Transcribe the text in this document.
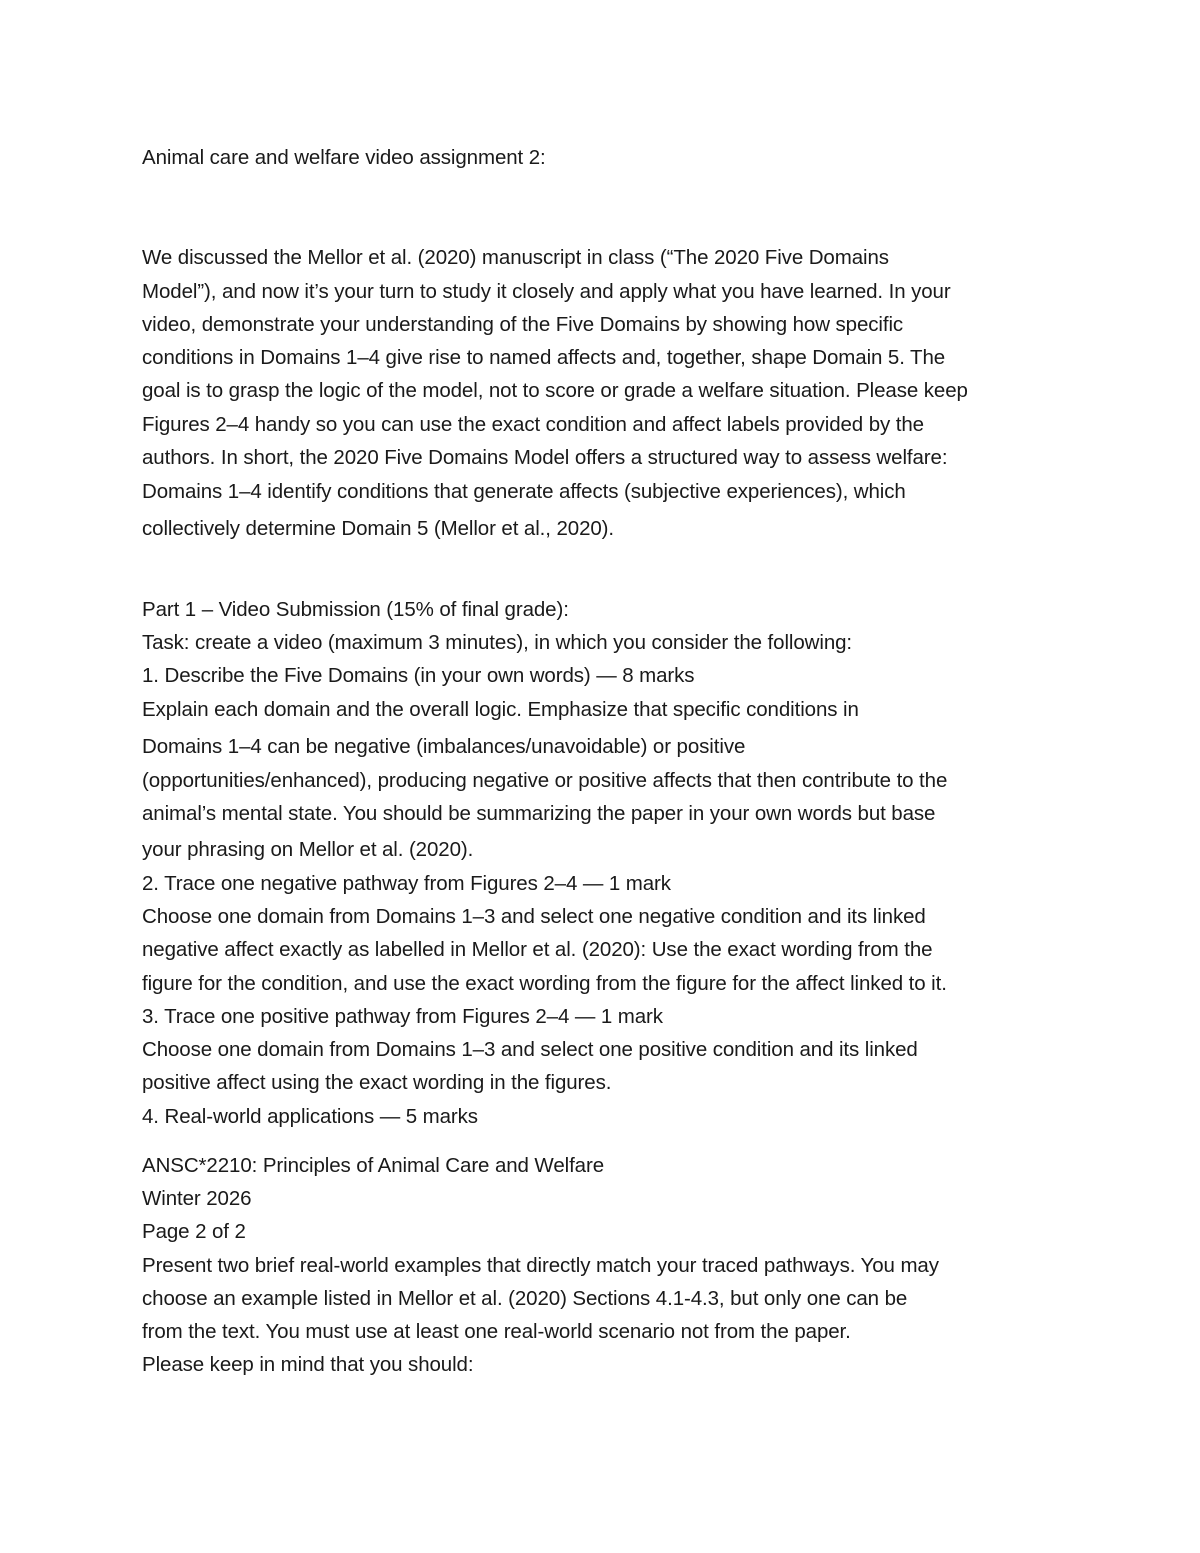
Animal care and welfare video assignment 2:
We discussed the Mellor et al. (2020) manuscript in class (“The 2020 Five Domains
Model”), and now it’s your turn to study it closely and apply what you have learned. In your
video, demonstrate your understanding of the Five Domains by showing how specific
conditions in Domains 1–4 give rise to named affects and, together, shape Domain 5. The
goal is to grasp the logic of the model, not to score or grade a welfare situation. Please keep
Figures 2–4 handy so you can use the exact condition and affect labels provided by the
authors. In short, the 2020 Five Domains Model offers a structured way to assess welfare:
Domains 1–4 identify conditions that generate affects (subjective experiences), which
collectively determine Domain 5 (Mellor et al., 2020).
Part 1 – Video Submission (15% of final grade):
Task: create a video (maximum 3 minutes), in which you consider the following:
1. Describe the Five Domains (in your own words) — 8 marks
Explain each domain and the overall logic. Emphasize that specific conditions in
Domains 1–4 can be negative (imbalances/unavoidable) or positive
(opportunities/enhanced), producing negative or positive affects that then contribute to the
animal’s mental state. You should be summarizing the paper in your own words but base
your phrasing on Mellor et al. (2020).
2. Trace one negative pathway from Figures 2–4 — 1 mark
Choose one domain from Domains 1–3 and select one negative condition and its linked
negative affect exactly as labelled in Mellor et al. (2020): Use the exact wording from the
figure for the condition, and use the exact wording from the figure for the affect linked to it.
3. Trace one positive pathway from Figures 2–4 — 1 mark
Choose one domain from Domains 1–3 and select one positive condition and its linked
positive affect using the exact wording in the figures.
4. Real-world applications — 5 marks
ANSC*2210: Principles of Animal Care and Welfare
Winter 2026
Page 2 of 2
Present two brief real-world examples that directly match your traced pathways. You may
choose an example listed in Mellor et al. (2020) Sections 4.1-4.3, but only one can be
from the text. You must use at least one real-world scenario not from the paper.
Please keep in mind that you should:
